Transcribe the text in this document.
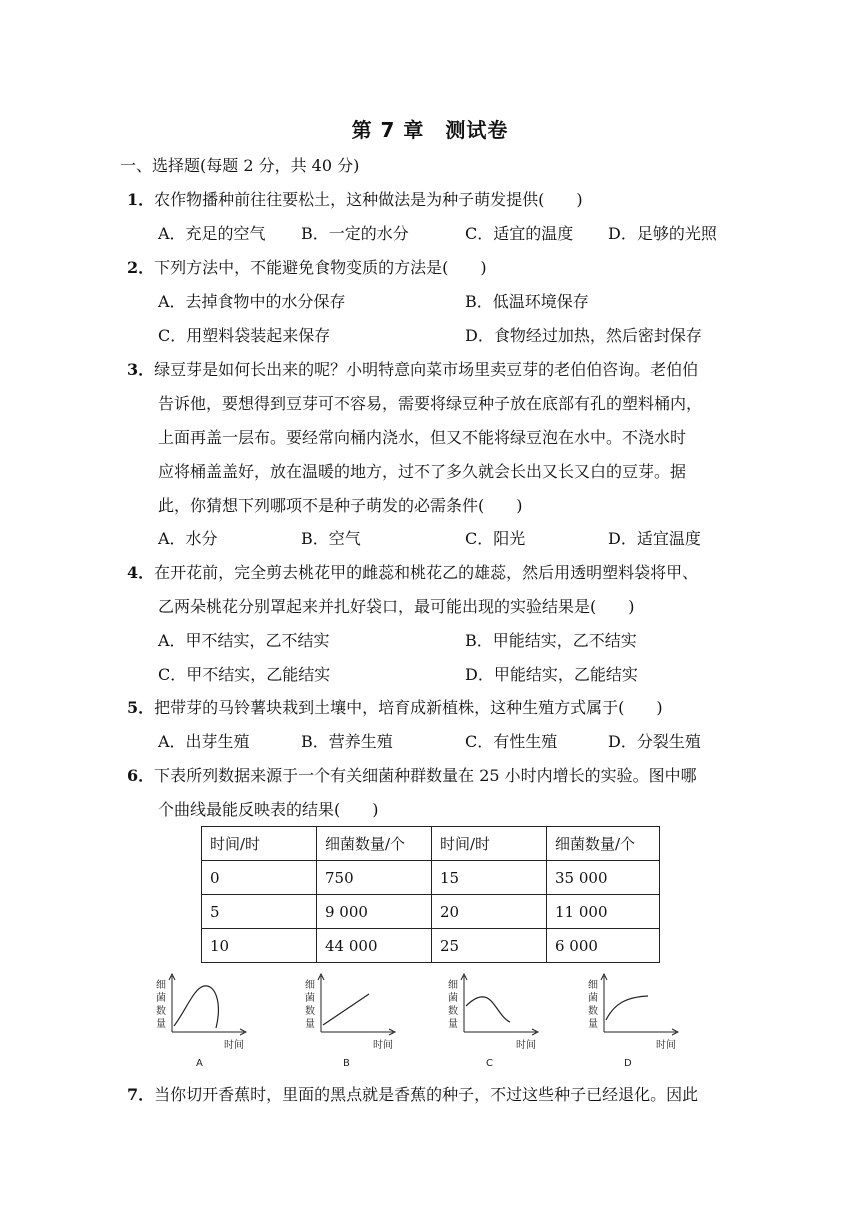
第 7 章　测试卷
一、选择题(每题 2 分，共 40 分)
1．农作物播种前往往要松土，这种做法是为种子萌发提供(　　)
A．充足的空气 B．一定的水分	C．适宜的温度 D．足够的光照
2．下列方法中，不能避免食物变质的方法是(　　)
A．去掉食物中的水分保存	B．低温环境保存
C．用塑料袋装起来保存	D．食物经过加热，然后密封保存
3．绿豆芽是如何长出来的呢？小明特意向菜市场里卖豆芽的老伯伯咨询。老伯伯
告诉他，要想得到豆芽可不容易，需要将绿豆种子放在底部有孔的塑料桶内，
上面再盖一层布。要经常向桶内浇水，但又不能将绿豆泡在水中。不浇水时
应将桶盖盖好，放在温暖的地方，过不了多久就会长出又长又白的豆芽。据
此，你猜想下列哪项不是种子萌发的必需条件(　　)
A．水分	B．空气	C．阳光	D．适宜温度
4．在开花前，完全剪去桃花甲的雌蕊和桃花乙的雄蕊，然后用透明塑料袋将甲、
乙两朵桃花分别罩起来并扎好袋口，最可能出现的实验结果是(　　)
A．甲不结实，乙不结实	B．甲能结实，乙不结实
C．甲不结实，乙能结实	D．甲能结实，乙能结实
5．把带芽的马铃薯块栽到土壤中，培育成新植株，这种生殖方式属于(　　)
A．出芽生殖	B．营养生殖	C．有性生殖	D．分裂生殖
6．下表所列数据来源于一个有关细菌种群数量在 25 小时内增长的实验。图中哪
个曲线最能反映表的结果(　　)
时间/时	细菌数量/个	时间/时	细菌数量/个
0	750	15	35 000
5	9 000	20	11 000
10	44 000	25	6 000
细
菌
数
量
时间
A
细
菌
数
量
时间
B
细
菌
数
量
时间
C
细
菌
数
量
时间
D
7．当你切开香蕉时，里面的黑点就是香蕉的种子，不过这些种子已经退化。因此
